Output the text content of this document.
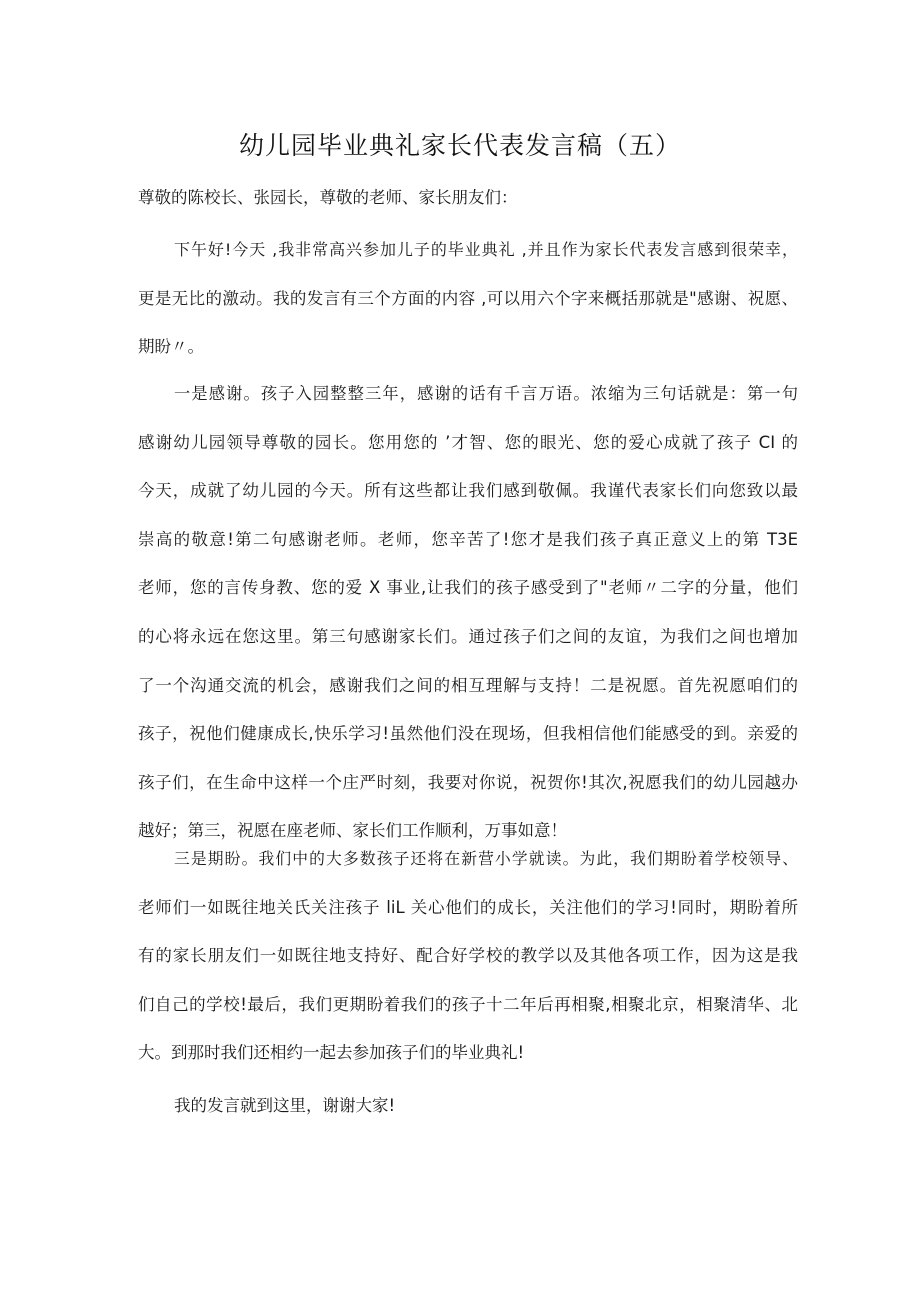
幼儿园毕业典礼家长代表发言稿（五）
尊敬的陈校长、张园长，尊敬的老师、家长朋友们：
下午好!今天 ,我非常高兴参加儿子的毕业典礼 ,并且作为家长代表发言感到很荣幸，
更是无比的激动。我的发言有三个方面的内容 ,可以用六个字来概括那就是"感谢、祝愿、
期盼〃。
一是感谢。孩子入园整整三年，感谢的话有千言万语。浓缩为三句话就是：第一句
感谢幼儿园领导尊敬的园长。您用您的 ’才智、您的眼光、您的爱心成就了孩子 CI 的
今天，成就了幼儿园的今天。所有这些都让我们感到敬佩。我谨代表家长们向您致以最
崇高的敬意!第二句感谢老师。老师，您辛苦了!您才是我们孩子真正意义上的第 T3E
老师，您的言传身教、您的爱 X 事业,让我们的孩子感受到了"老师〃二字的分量，他们
的心将永远在您这里。第三句感谢家长们。通过孩子们之间的友谊，为我们之间也增加
了一个沟通交流的机会，感谢我们之间的相互理解与支持！二是祝愿。首先祝愿咱们的
孩子，祝他们健康成长,快乐学习!虽然他们没在现场，但我相信他们能感受的到。亲爱的
孩子们，在生命中这样一个庄严时刻，我要对你说，祝贺你!其次,祝愿我们的幼儿园越办
越好；第三，祝愿在座老师、家长们工作顺利，万事如意！
三是期盼。我们中的大多数孩子还将在新营小学就读。为此，我们期盼着学校领导、
老师们一如既往地关氏关注孩子 liL 关心他们的成长，关注他们的学习!同时，期盼着所
有的家长朋友们一如既往地支持好、配合好学校的教学以及其他各项工作，因为这是我
们自己的学校!最后，我们更期盼着我们的孩子十二年后再相聚,相聚北京，相聚清华、北
大。到那时我们还相约一起去参加孩子们的毕业典礼!
我的发言就到这里，谢谢大家!
